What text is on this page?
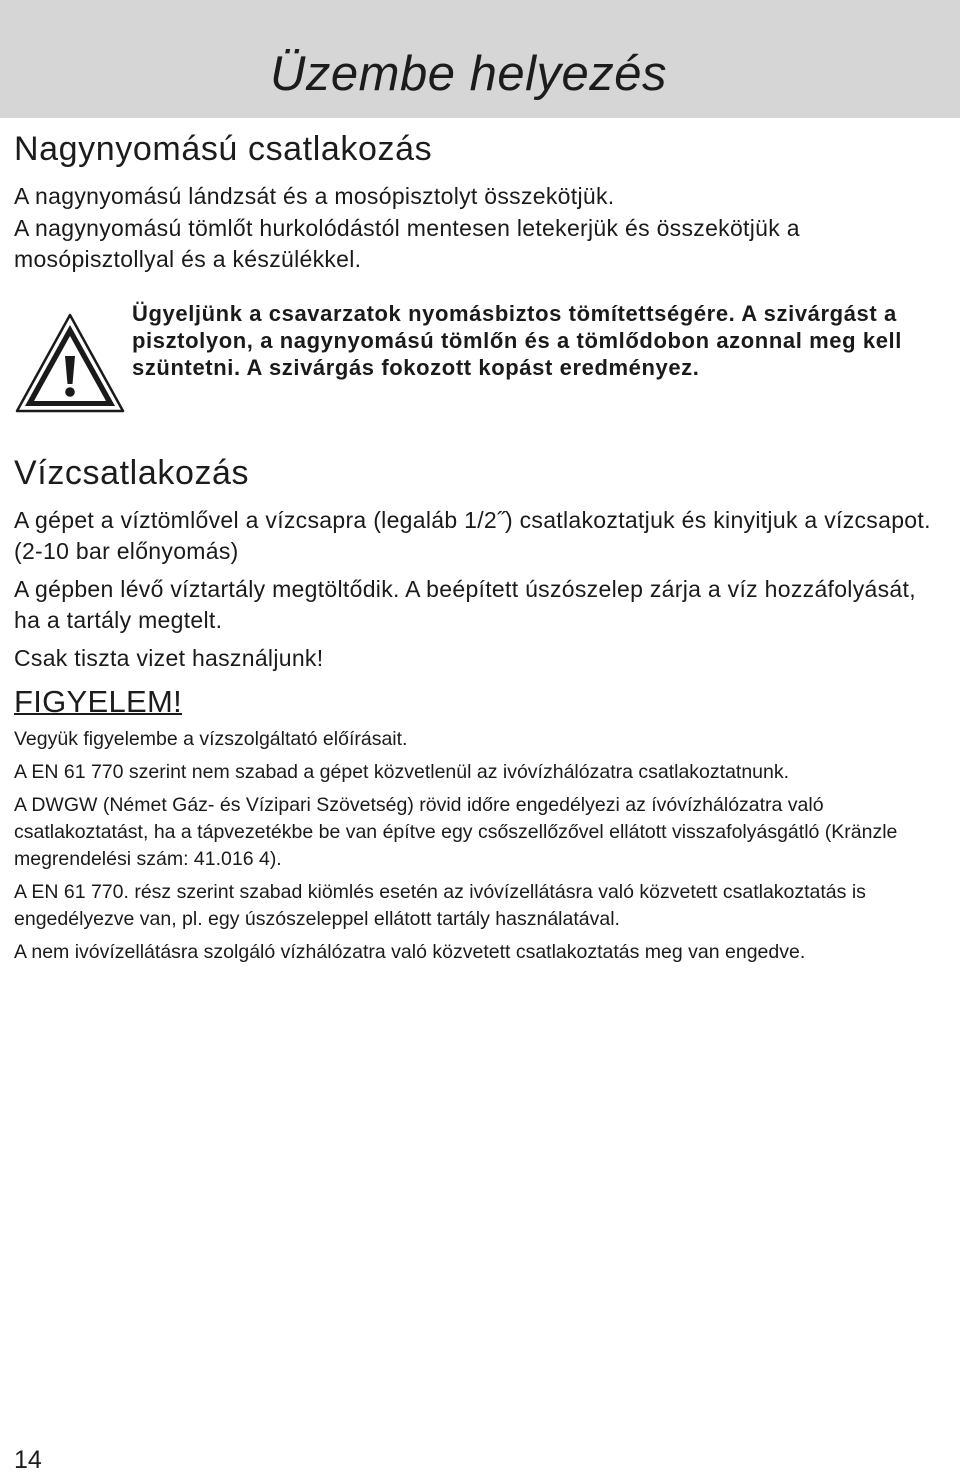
Üzembe helyezés
Nagynyomású csatlakozás

A nagynyomású lándzsát és a mosópisztolyt összekötjük.

A nagynyomású tömlőt hurkolódástól mentesen letekerjük és összekötjük a mosópisztollyal és a készülékkel.

Ügyeljünk a csavarzatok nyomásbiztos tömítettségére. A szivárgást a pisztolyon, a nagynyomású tömlőn és a tömlődobon azonnal meg kell szüntetni. A szivárgás fokozott kopást eredményez.
Vízcsatlakozás

A gépet a víztömlővel a vízcsapra (legaláb 1/2˝) csatlakoztatjuk és kinyitjuk a vízcsapot. (2-10 bar előnyomás)

A gépben lévő víztartály megtöltődik. A beépített úszószelep zárja a víz hozzáfolyását, ha a tartály megtelt.

Csak tiszta vizet használjunk!

FIGYELEM!

Vegyük figyelembe a vízszolgáltató előírásait.

A EN 61 770 szerint nem szabad a gépet közvetlenül az ivóvízhálózatra csatlakoztatnunk.

A DWGW (Német Gáz- és Vízipari Szövetség) rövid időre engedélyezi az ívóvízhálózatra való csatlakoztatást, ha a tápvezetékbe be van építve egy csőszellőzővel ellátott visszafolyásgátló (Kränzle megrendelési szám: 41.016 4).

A EN 61 770. rész szerint szabad kiömlés esetén az ivóvízellátásra való közvetett csatlakoztatás is engedélyezve van, pl. egy úszószeleppel ellátott tartály használatával.

A nem ivóvízellátásra szolgáló vízhálózatra való közvetett csatlakoztatás meg van engedve.

14
